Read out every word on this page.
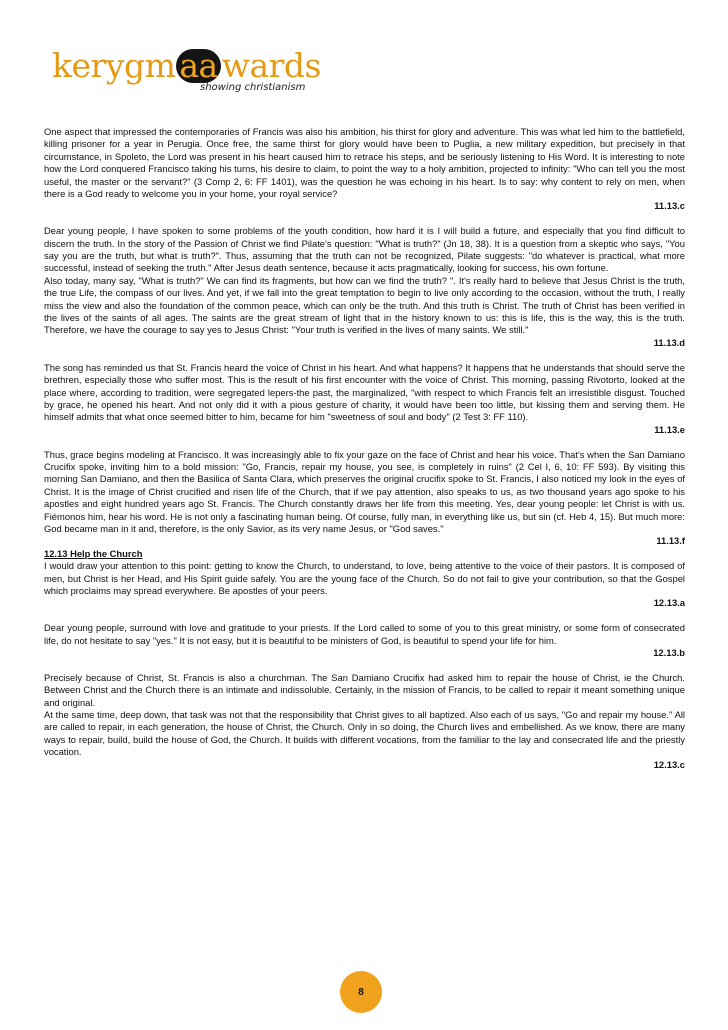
kerygm aa wards
showing christianism

One aspect that impressed the contemporaries of Francis was also his ambition, his thirst for glory and adventure. This was what led him to the battlefield, killing prisoner for a year in Perugia. Once free, the same thirst for glory would have been to Puglia, a new military expedition, but precisely in that circumstance, in Spoleto, the Lord was present in his heart caused him to retrace his steps, and be seriously listening to His Word. It is interesting to note how the Lord conquered Francisco taking his turns, his desire to claim, to point the way to a holy ambition, projected to infinity: "Who can tell you the most useful, the master or the servant?" (3 Comp 2, 6: FF 1401), was the question he was echoing in his heart. Is to say: why content to rely on men, when there is a God ready to welcome you in your home, your royal service?

11.13.c

Dear young people, I have spoken to some problems of the youth condition, how hard it is I will build a future, and especially that you find difficult to discern the truth. In the story of the Passion of Christ we find Pilate's question: "What is truth?" (Jn 18, 38). It is a question from a skeptic who says, "You say you are the truth, but what is truth?". Thus, assuming that the truth can not be recognized, Pilate suggests: "do whatever is practical, what more successful, instead of seeking the truth." After Jesus death sentence, because it acts pragmatically, looking for success, his own fortune.

Also today, many say, "What is truth?" We can find its fragments, but how can we find the truth? ". It's really hard to believe that Jesus Christ is the truth, the true Life, the compass of our lives. And yet, if we fall into the great temptation to begin to live only according to the occasion, without the truth, I really miss the view and also the foundation of the common peace, which can only be the truth. And this truth is Christ. The truth of Christ has been verified in the lives of the saints of all ages. The saints are the great stream of light that in the history known to us: this is life, this is the way, this is the truth. Therefore, we have the courage to say yes to Jesus Christ: "Your truth is verified in the lives of many saints. We still."

11.13.d

The song has reminded us that St. Francis heard the voice of Christ in his heart. And what happens? It happens that he understands that should serve the brethren, especially those who suffer most. This is the result of his first encounter with the voice of Christ. This morning, passing Rivotorto, looked at the place where, according to tradition, were segregated lepers-the past, the marginalized, "with respect to which Francis felt an irresistible disgust. Touched by grace, he opened his heart. And not only did it with a pious gesture of charity, it would have been too little, but kissing them and serving them. He himself admits that what once seemed bitter to him, became for him "sweetness of soul and body" (2 Test 3: FF 110).

11.13.e

Thus, grace begins modeling at Francisco. It was increasingly able to fix your gaze on the face of Christ and hear his voice. That's when the San Damiano Crucifix spoke, inviting him to a bold mission: "Go, Francis, repair my house, you see, is completely in ruins" (2 Cel I, 6, 10: FF 593). By visiting this morning San Damiano, and then the Basilica of Santa Clara, which preserves the original crucifix spoke to St. Francis, I also noticed my look in the eyes of Christ. It is the image of Christ crucified and risen life of the Church, that if we pay attention, also speaks to us, as two thousand years ago spoke to his apostles and eight hundred years ago St. Francis. The Church constantly draws her life from this meeting. Yes, dear young people: let Christ is with us. Fiémonos him, hear his word. He is not only a fascinating human being. Of course, fully man, in everything like us, but sin (cf. Heb 4, 15). But much more: God became man in it and, therefore, is the only Savior, as its very name Jesus, or "God saves."

11.13.f

12.13 Help the Church

I would draw your attention to this point: getting to know the Church, to understand, to love, being attentive to the voice of their pastors. It is composed of men, but Christ is her Head, and His Spirit guide safely. You are the young face of the Church. So do not fail to give your contribution, so that the Gospel which proclaims may spread everywhere. Be apostles of your peers.

12.13.a

Dear young people, surround with love and gratitude to your priests. If the Lord called to some of you to this great ministry, or some form of consecrated life, do not hesitate to say "yes." It is not easy, but it is beautiful to be ministers of God, is beautiful to spend your life for him.

12.13.b

Precisely because of Christ, St. Francis is also a churchman. The San Damiano Crucifix had asked him to repair the house of Christ, ie the Church. Between Christ and the Church there is an intimate and indissoluble. Certainly, in the mission of Francis, to be called to repair it meant something unique and original.

At the same time, deep down, that task was not that the responsibility that Christ gives to all baptized. Also each of us says, "Go and repair my house." All are called to repair, in each generation, the house of Christ, the Church. Only in so doing, the Church lives and embellished. As we know, there are many ways to repair, build, build the house of God, the Church. It builds with different vocations, from the familiar to the lay and consecrated life and the priestly vocation.

12.13.c

8
